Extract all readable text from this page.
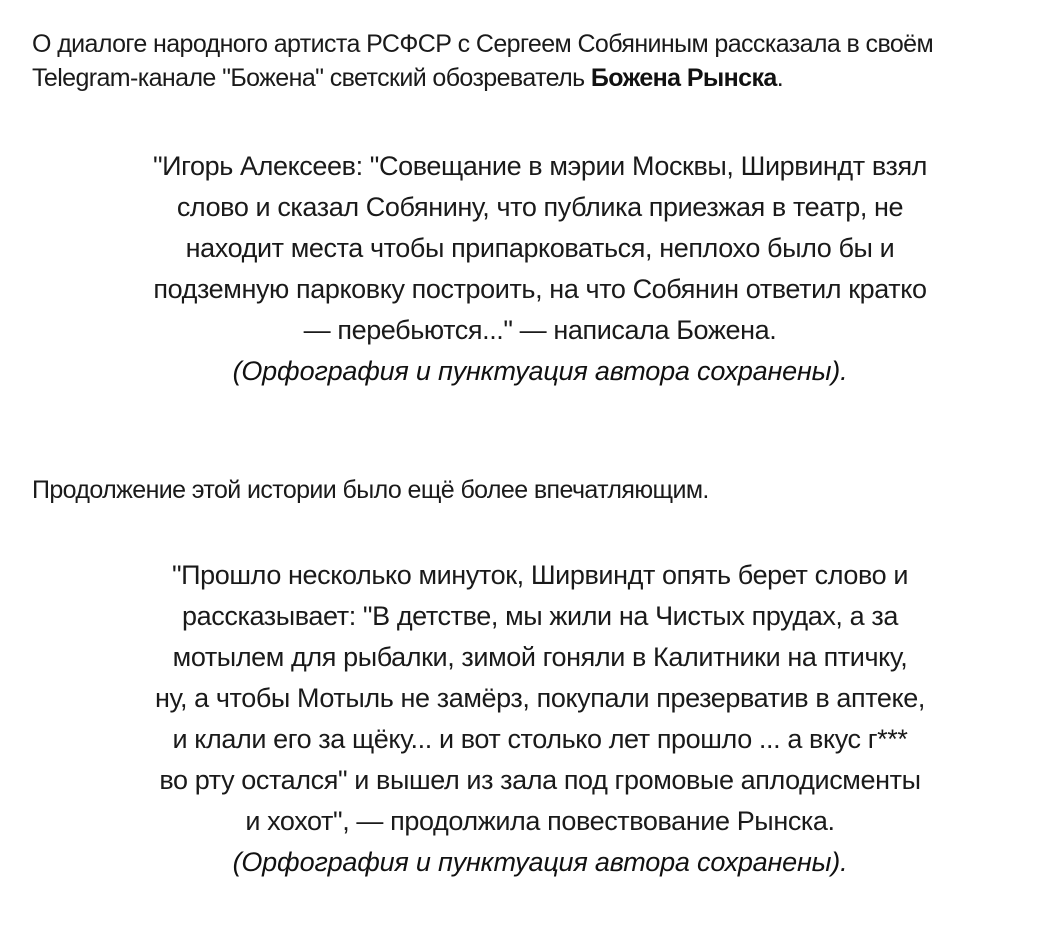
О диалоге народного артиста РСФСР с Сергеем Собяниным рассказала в своём Telegram-канале "Божена" светский обозреватель Божена Рынска.

"Игорь Алексеев: "Совещание в мэрии Москвы, Ширвиндт взял слово и сказал Собянину, что публика приезжая в театр, не находит места чтобы припарковаться, неплохо было бы и подземную парковку построить, на что Собянин ответил кратко — перебьются..." — написала Божена.
(Орфография и пунктуация автора сохранены).

Продолжение этой истории было ещё более впечатляющим.

"Прошло несколько минуток, Ширвиндт опять берет слово и рассказывает: "В детстве, мы жили на Чистых прудах, а за мотылем для рыбалки, зимой гоняли в Калитники на птичку, ну, а чтобы Мотыль не замёрз, покупали презерватив в аптеке, и клали его за щёку... и вот столько лет прошло ... а вкус г*** во рту остался" и вышел из зала под громовые аплодисменты и хохот", — продолжила повествование Рынска.
(Орфография и пунктуация автора сохранены).
